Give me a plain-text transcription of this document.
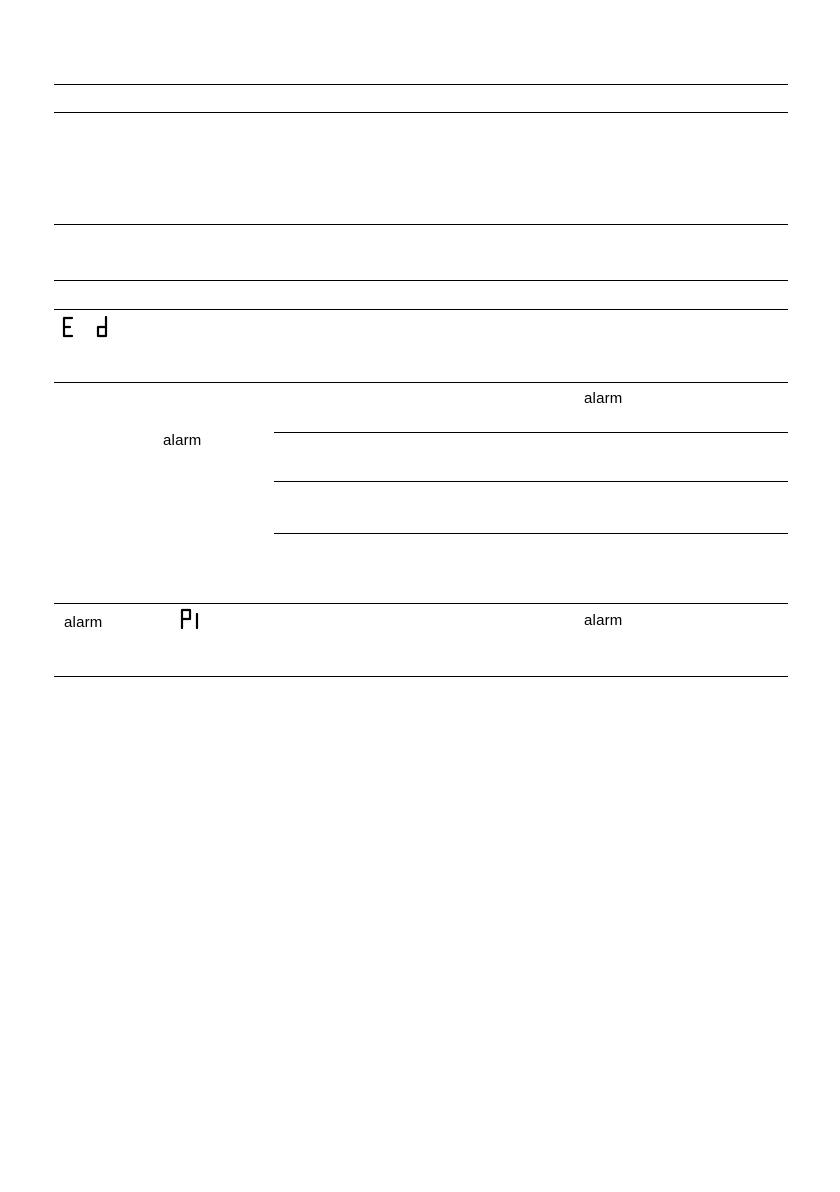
alarm
alarm
alarm	alarm
